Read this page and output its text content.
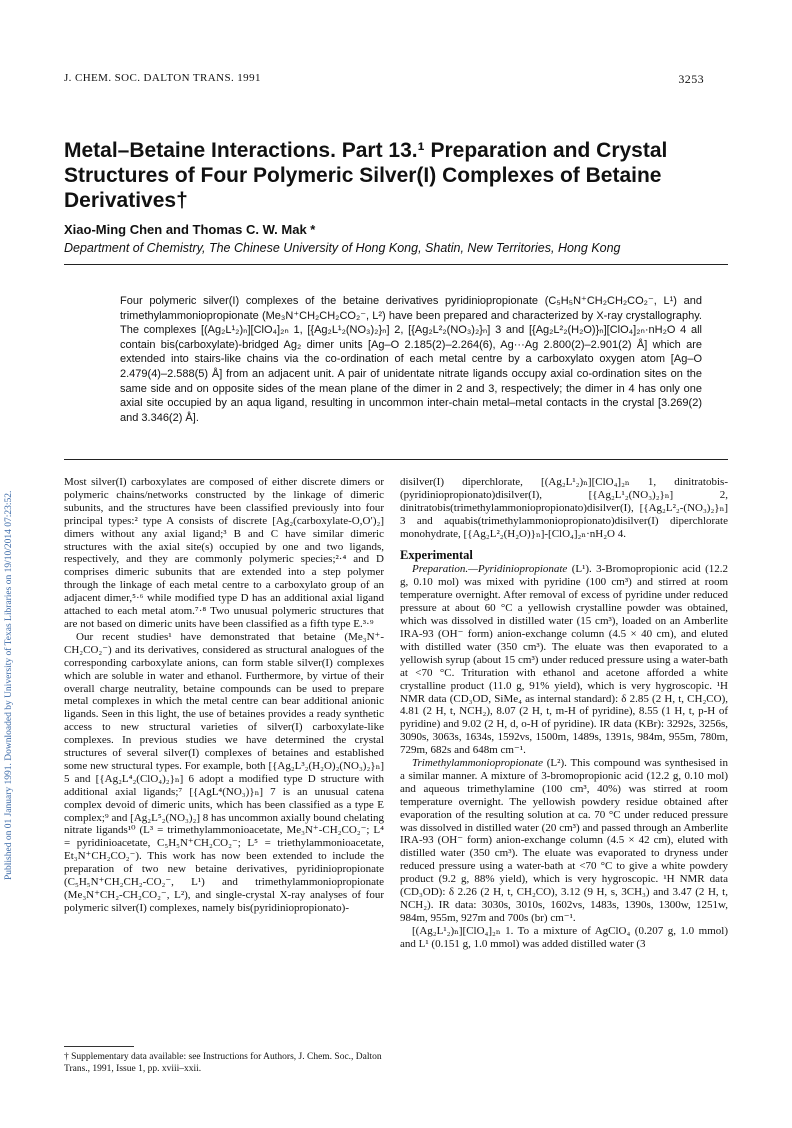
J. CHEM. SOC. DALTON TRANS. 1991	3253
Published on 01 January 1991. Downloaded by University of Texas Libraries on 19/10/2014 07:23:52.
Metal–Betaine Interactions. Part 13.¹ Preparation and Crystal Structures of Four Polymeric Silver(I) Complexes of Betaine Derivatives†
Xiao-Ming Chen and Thomas C. W. Mak *
Department of Chemistry, The Chinese University of Hong Kong, Shatin, New Territories, Hong Kong
Four polymeric silver(I) complexes of the betaine derivatives pyridiniopropionate (C₅H₅N⁺CH₂CH₂CO₂⁻, L¹) and trimethylammoniopropionate (Me₃N⁺CH₂CH₂CO₂⁻, L²) have been prepared and characterized by X-ray crystallography. The complexes [(Ag₂L¹₂)ₙ][ClO₄]₂ₙ 1, [{Ag₂L¹₂(NO₃)₂}ₙ] 2, [{Ag₂L²₂(NO₃)₂}ₙ] 3 and [{Ag₂L²₂(H₂O)}ₙ][ClO₄]₂ₙ·nH₂O 4 all contain bis(carboxylate)-bridged Ag₂ dimer units [Ag–O 2.185(2)–2.264(6), Ag···Ag 2.800(2)–2.901(2) Å] which are extended into stairs-like chains via the co-ordination of each metal centre by a carboxylato oxygen atom [Ag–O 2.479(4)–2.588(5) Å] from an adjacent unit. A pair of unidentate nitrate ligands occupy axial co-ordination sites on the same side and on opposite sides of the mean plane of the dimer in 2 and 3, respectively; the dimer in 4 has only one axial site occupied by an aqua ligand, resulting in uncommon inter-chain metal–metal contacts in the crystal [3.269(2) and 3.346(2) Å].

Most silver(I) carboxylates are composed of either discrete dimers or polymeric chains/networks constructed by the linkage of dimeric subunits, and the structures have been classified previously into four principal types:² type A consists of discrete [Ag₂(carboxylate-O,O′)₂] dimers without any axial ligand;³ B and C have similar dimeric structures with the axial site(s) occupied by one and two ligands, respectively, and they are commonly polymeric species;²·⁴ and D comprises dimeric subunits that are extended into a step polymer through the linkage of each metal centre to a carboxylato group of an adjacent dimer,⁵·⁶ while modified type D has an additional axial ligand attached to each metal atom.⁷·⁸ Two unusual polymeric structures that are not based on dimeric units have been classified as a fifth type E.³·⁹

Our recent studies¹ have demonstrated that betaine (Me₃N⁺-CH₂CO₂⁻) and its derivatives, considered as structural analogues of the corresponding carboxylate anions, can form stable silver(I) complexes which are soluble in water and ethanol. Furthermore, by virtue of their overall charge neutrality, betaine compounds can be used to prepare metal complexes in which the metal centre can bear additional anionic ligands. Seen in this light, the use of betaines provides a ready synthetic access to new structural varieties of silver(I) carboxylate-like complexes. In previous studies we have determined the crystal structures of several silver(I) complexes of betaines and established some new structural types. For example, both [{Ag₂L³₂(H₂O)₂(NO₃)₂}ₙ] 5 and [{Ag₂L⁴₂(ClO₄)₂}ₙ] 6 adopt a modified type D structure with additional axial ligands;⁷ [{AgL⁴(NO₃)}ₙ] 7 is an unusual catena complex devoid of dimeric units, which has been classified as a type E complex;⁹ and [Ag₂L⁵₂(NO₃)₂] 8 has uncommon axially bound chelating nitrate ligands¹⁰ (L³ = trimethylammonioacetate, Me₃N⁺-CH₂CO₂⁻; L⁴ = pyridinioacetate, C₅H₅N⁺CH₂CO₂⁻; L⁵ = triethylammonioacetate, Et₃N⁺CH₂CO₂⁻). This work has now been extended to include the preparation of two new betaine derivatives, pyridiniopropionate (C₅H₅N⁺CH₂CH₂-CO₂⁻, L¹) and trimethylammoniopropionate (Me₃N⁺CH₂-CH₂CO₂⁻, L²), and single-crystal X-ray analyses of four polymeric silver(I) complexes, namely bis(pyridiniopropionato)-

† Supplementary data available: see Instructions for Authors, J. Chem. Soc., Dalton Trans., 1991, Issue 1, pp. xviii–xxii.

disilver(I) diperchlorate, [(Ag₂L¹₂)ₙ][ClO₄]₂ₙ 1, dinitratobis-(pyridiniopropionato)disilver(I), [{Ag₂L¹₂(NO₃)₂}ₙ] 2, dinitratobis(trimethylammoniopropionato)disilver(I), [{Ag₂L²₂-(NO₃)₂}ₙ] 3 and aquabis(trimethylammoniopropionato)disilver(I) diperchlorate monohydrate, [{Ag₂L²₂(H₂O)}ₙ]-[ClO₄]₂ₙ·nH₂O 4.

Experimental

Preparation.—Pyridiniopropionate (L¹). 3-Bromopropionic acid (12.2 g, 0.10 mol) was mixed with pyridine (100 cm³) and stirred at room temperature overnight. After removal of excess of pyridine under reduced pressure at about 60 °C a yellowish crystalline powder was obtained, which was dissolved in distilled water (15 cm³), loaded on an Amberlite IRA-93 (OH⁻ form) anion-exchange column (4.5 × 40 cm), and eluted with distilled water (350 cm³). The eluate was then evaporated to a yellowish syrup (about 15 cm³) under reduced pressure using a water-bath at <70 °C. Trituration with ethanol and acetone afforded a white crystalline product (11.0 g, 91% yield), which is very hygroscopic. ¹H NMR data (CD₃OD, SiMe₄ as internal standard): δ 2.85 (2 H, t, CH₂CO), 4.81 (2 H, t, NCH₂), 8.07 (2 H, t, m-H of pyridine), 8.55 (1 H, t, p-H of pyridine) and 9.02 (2 H, d, o-H of pyridine). IR data (KBr): 3292s, 3256s, 3090s, 3063s, 1634s, 1592vs, 1500m, 1489s, 1391s, 984m, 955m, 780m, 729m, 682s and 648m cm⁻¹.

Trimethylammoniopropionate (L²). This compound was synthesised in a similar manner. A mixture of 3-bromopropionic acid (12.2 g, 0.10 mol) and aqueous trimethylamine (100 cm³, 40%) was stirred at room temperature overnight. The yellowish powdery residue obtained after evaporation of the resulting solution at ca. 70 °C under reduced pressure was dissolved in distilled water (20 cm³) and passed through an Amberlite IRA-93 (OH⁻ form) anion-exchange column (4.5 × 42 cm), eluted with distilled water (350 cm³). The eluate was evaporated to dryness under reduced pressure using a water-bath at <70 °C to give a white powdery product (9.2 g, 88% yield), which is very hygroscopic. ¹H NMR data (CD₃OD): δ 2.26 (2 H, t, CH₂CO), 3.12 (9 H, s, 3CH₃) and 3.47 (2 H, t, NCH₂). IR data: 3030s, 3010s, 1602vs, 1483s, 1390s, 1300w, 1251w, 984m, 955m, 927m and 700s (br) cm⁻¹.

[(Ag₂L¹₂)ₙ][ClO₄]₂ₙ 1. To a mixture of AgClO₄ (0.207 g, 1.0 mmol) and L¹ (0.151 g, 1.0 mmol) was added distilled water (3
